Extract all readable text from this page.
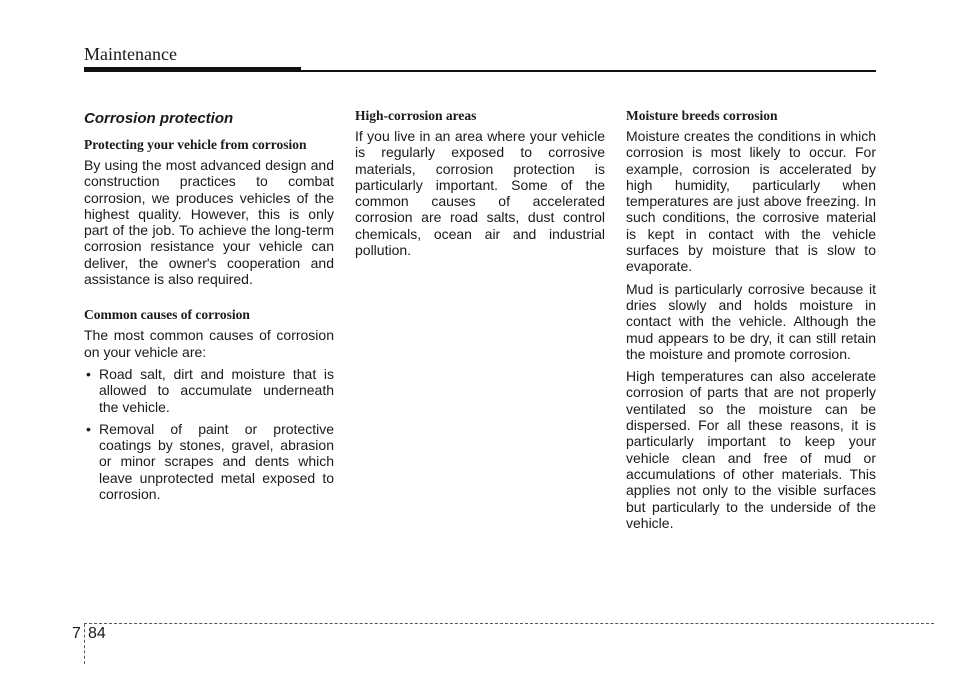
Maintenance
Corrosion protection
Protecting your vehicle from corrosion
By using the most advanced design and construction practices to combat corrosion, we produces vehicles of the highest quality. However, this is only part of the job. To achieve the long-term corrosion resistance your vehicle can deliver, the owner's cooperation and assistance is also required.
Common causes of corrosion
The most common causes of corrosion on your vehicle are:
• Road salt, dirt and moisture that is allowed to accumulate underneath the vehicle.
• Removal of paint or protective coatings by stones, gravel, abrasion or minor scrapes and dents which leave unprotected metal exposed to corrosion.
High-corrosion areas
If you live in an area where your vehicle is regularly exposed to corrosive materials, corrosion protection is particularly important. Some of the common causes of accelerated corrosion are road salts, dust control chemicals, ocean air and industrial pollution.
Moisture breeds corrosion
Moisture creates the conditions in which corrosion is most likely to occur. For example, corrosion is accelerated by high humidity, particularly when temperatures are just above freezing. In such conditions, the corrosive material is kept in contact with the vehicle surfaces by moisture that is slow to evaporate.
Mud is particularly corrosive because it dries slowly and holds moisture in contact with the vehicle. Although the mud appears to be dry, it can still retain the moisture and promote corrosion.
High temperatures can also accelerate corrosion of parts that are not properly ventilated so the moisture can be dispersed. For all these reasons, it is particularly important to keep your vehicle clean and free of mud or accumulations of other materials. This applies not only to the visible surfaces but particularly to the underside of the vehicle.
7 84
